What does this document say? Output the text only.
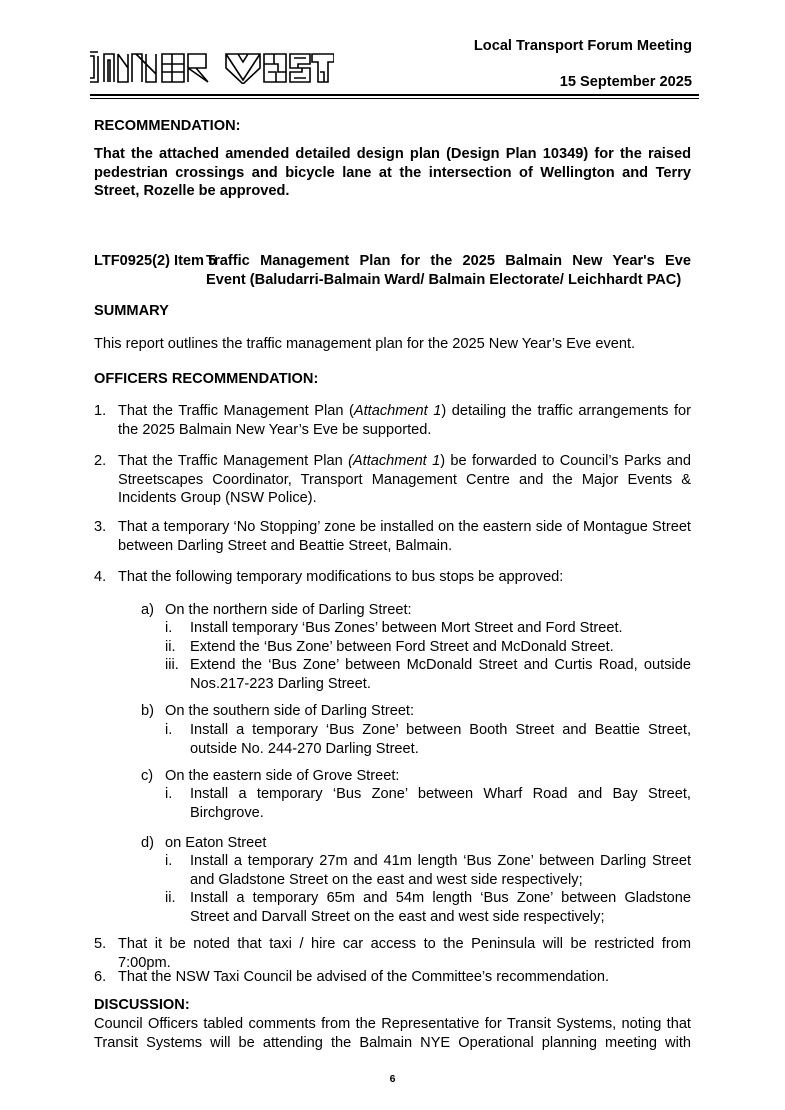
Local Transport Forum Meeting
15 September 2025
RECOMMENDATION:
That the attached amended detailed design plan (Design Plan 10349) for the raised pedestrian crossings and bicycle lane at the intersection of Wellington and Terry Street, Rozelle be approved.
LTF0925(2) Item 5
Traffic Management Plan for the 2025 Balmain New Year's Eve
Event (Baludarri-Balmain Ward/ Balmain Electorate/ Leichhardt PAC)
SUMMARY
This report outlines the traffic management plan for the 2025 New Year’s Eve event.
OFFICERS RECOMMENDATION:
1. That the Traffic Management Plan (Attachment 1) detailing the traffic arrangements for the 2025 Balmain New Year’s Eve be supported.
2. That the Traffic Management Plan (Attachment 1) be forwarded to Council’s Parks and Streetscapes Coordinator, Transport Management Centre and the Major Events & Incidents Group (NSW Police).
3. That a temporary ‘No Stopping’ zone be installed on the eastern side of Montague Street between Darling Street and Beattie Street, Balmain.
4. That the following temporary modifications to bus stops be approved:
a) On the northern side of Darling Street:
i. Install temporary ‘Bus Zones’ between Mort Street and Ford Street.
ii. Extend the ‘Bus Zone’ between Ford Street and McDonald Street.
iii. Extend the ‘Bus Zone’ between McDonald Street and Curtis Road, outside Nos.217-223 Darling Street.
b) On the southern side of Darling Street:
i. Install a temporary ‘Bus Zone’ between Booth Street and Beattie Street, outside No. 244-270 Darling Street.
c) On the eastern side of Grove Street:
i. Install a temporary ‘Bus Zone’ between Wharf Road and Bay Street, Birchgrove.
d) on Eaton Street
i. Install a temporary 27m and 41m length ‘Bus Zone’ between Darling Street and Gladstone Street on the east and west side respectively;
ii. Install a temporary 65m and 54m length ‘Bus Zone’ between Gladstone Street and Darvall Street on the east and west side respectively;
5. That it be noted that taxi / hire car access to the Peninsula will be restricted from 7:00pm.
6. That the NSW Taxi Council be advised of the Committee’s recommendation.
DISCUSSION:
Council Officers tabled comments from the Representative for Transit Systems, noting that Transit Systems will be attending the Balmain NYE Operational planning meeting with
6
